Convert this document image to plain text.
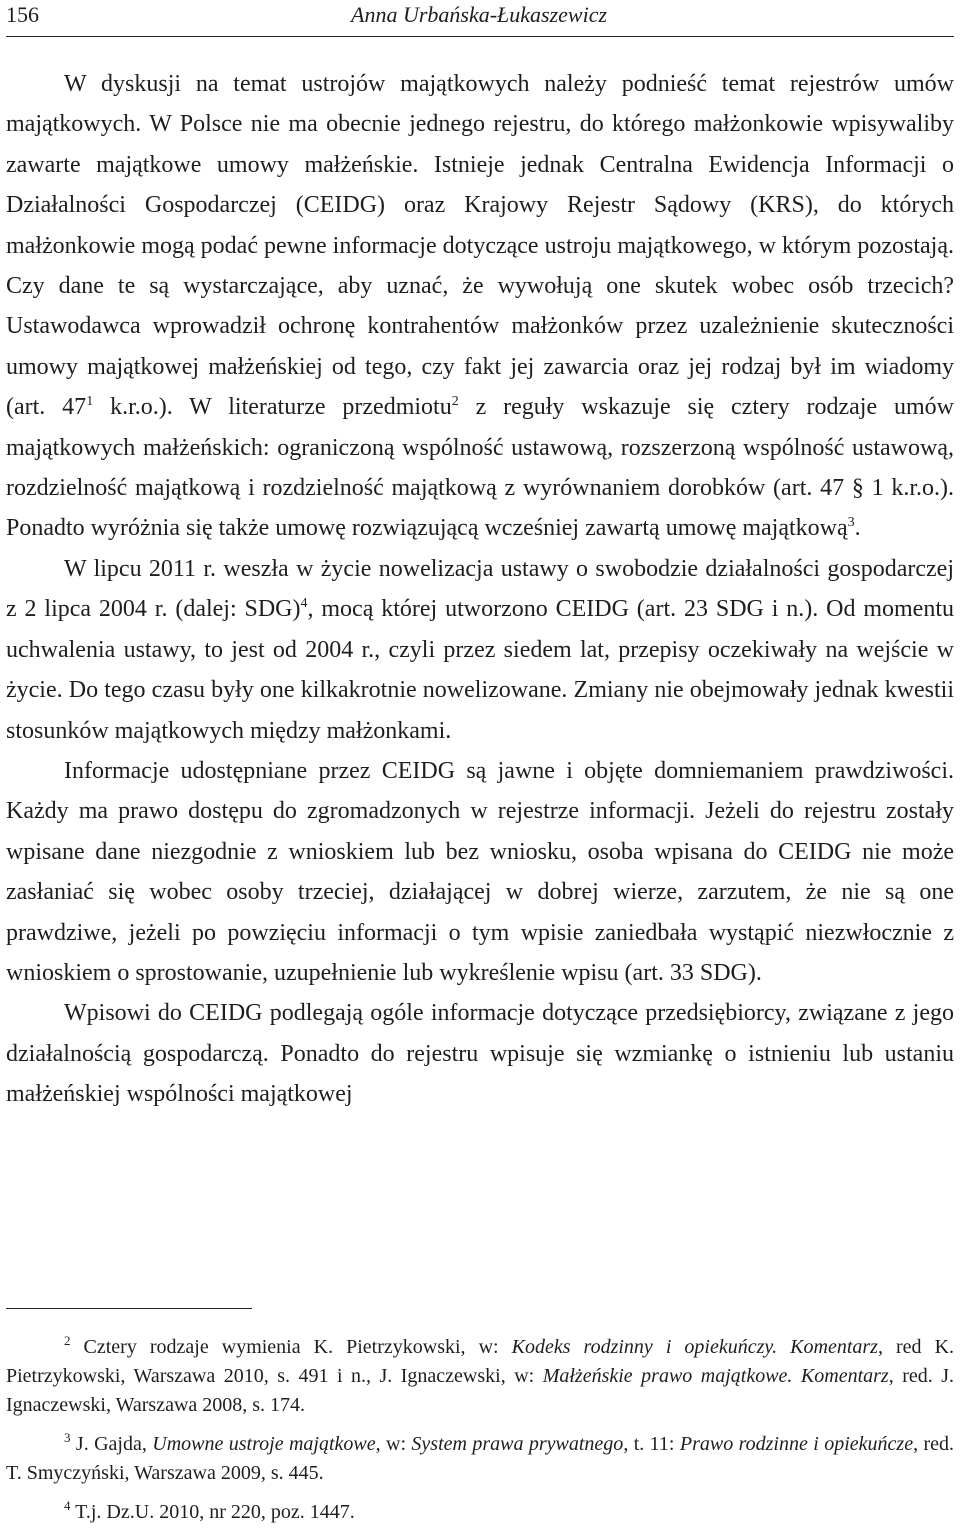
156	Anna Urbańska-Łukaszewicz

W dyskusji na temat ustrojów majątkowych należy podnieść temat rejestrów umów majątkowych. W Polsce nie ma obecnie jednego rejestru, do którego małżonkowie wpisywaliby zawarte majątkowe umowy małżeńskie. Istnieje jednak Centralna Ewidencja Informacji o Działalności Gospodarczej (CEIDG) oraz Krajowy Rejestr Sądowy (KRS), do których małżonkowie mogą podać pewne informacje dotyczące ustroju majątkowego, w którym pozostają. Czy dane te są wystarczające, aby uznać, że wywołują one skutek wobec osób trzecich? Ustawodawca wprowadził ochronę kontrahentów małżonków przez uzależnienie skuteczności umowy majątkowej małżeńskiej od tego, czy fakt jej zawarcia oraz jej rodzaj był im wiadomy (art. $47^1$ k.r.o.). W literaturze przedmiotu$^2$ z reguły wskazuje się cztery rodzaje umów majątkowych małżeńskich: ograniczoną wspólność ustawową, rozszerzoną wspólność ustawową, rozdzielność majątkową i rozdzielność majątkową z wyrównaniem dorobków (art. 47 § 1 k.r.o.). Ponadto wyróżnia się także umowę rozwiązującą wcześniej zawartą umowę majątkową$^3$.

W lipcu 2011 r. weszła w życie nowelizacja ustawy o swobodzie działalności gospodarczej z 2 lipca 2004 r. (dalej: SDG)$^4$, mocą której utworzono CEIDG (art. 23 SDG i n.). Od momentu uchwalenia ustawy, to jest od 2004 r., czyli przez siedem lat, przepisy oczekiwały na wejście w życie. Do tego czasu były one kilkakrotnie nowelizowane. Zmiany nie obejmowały jednak kwestii stosunków majątkowych między małżonkami.

Informacje udostępniane przez CEIDG są jawne i objęte domniemaniem prawdziwości. Każdy ma prawo dostępu do zgromadzonych w rejestrze informacji. Jeżeli do rejestru zostały wpisane dane niezgodnie z wnioskiem lub bez wniosku, osoba wpisana do CEIDG nie może zasłaniać się wobec osoby trzeciej, działającej w dobrej wierze, zarzutem, że nie są one prawdziwe, jeżeli po powzięciu informacji o tym wpisie zaniedbała wystąpić niezwłocznie z wnioskiem o sprostowanie, uzupełnienie lub wykreślenie wpisu (art. 33 SDG).

Wpisowi do CEIDG podlegają ogóle informacje dotyczące przedsiębiorcy, związane z jego działalnością gospodarczą. Ponadto do rejestru wpisuje się wzmiankę o istnieniu lub ustaniu małżeńskiej wspólności majątkowej

$^2$ Cztery rodzaje wymienia K. Pietrzykowski, w: Kodeks rodzinny i opiekuńczy. Komentarz, red K. Pietrzykowski, Warszawa 2010, s. 491 i n., J. Ignaczewski, w: Małżeńskie prawo majątkowe. Komentarz, red. J. Ignaczewski, Warszawa 2008, s. 174.

$^3$ J. Gajda, Umowne ustroje majątkowe, w: System prawa prywatnego, t. 11: Prawo rodzinne i opiekuńcze, red. T. Smyczyński, Warszawa 2009, s. 445.

$^4$ T.j. Dz.U. 2010, nr 220, poz. 1447.
